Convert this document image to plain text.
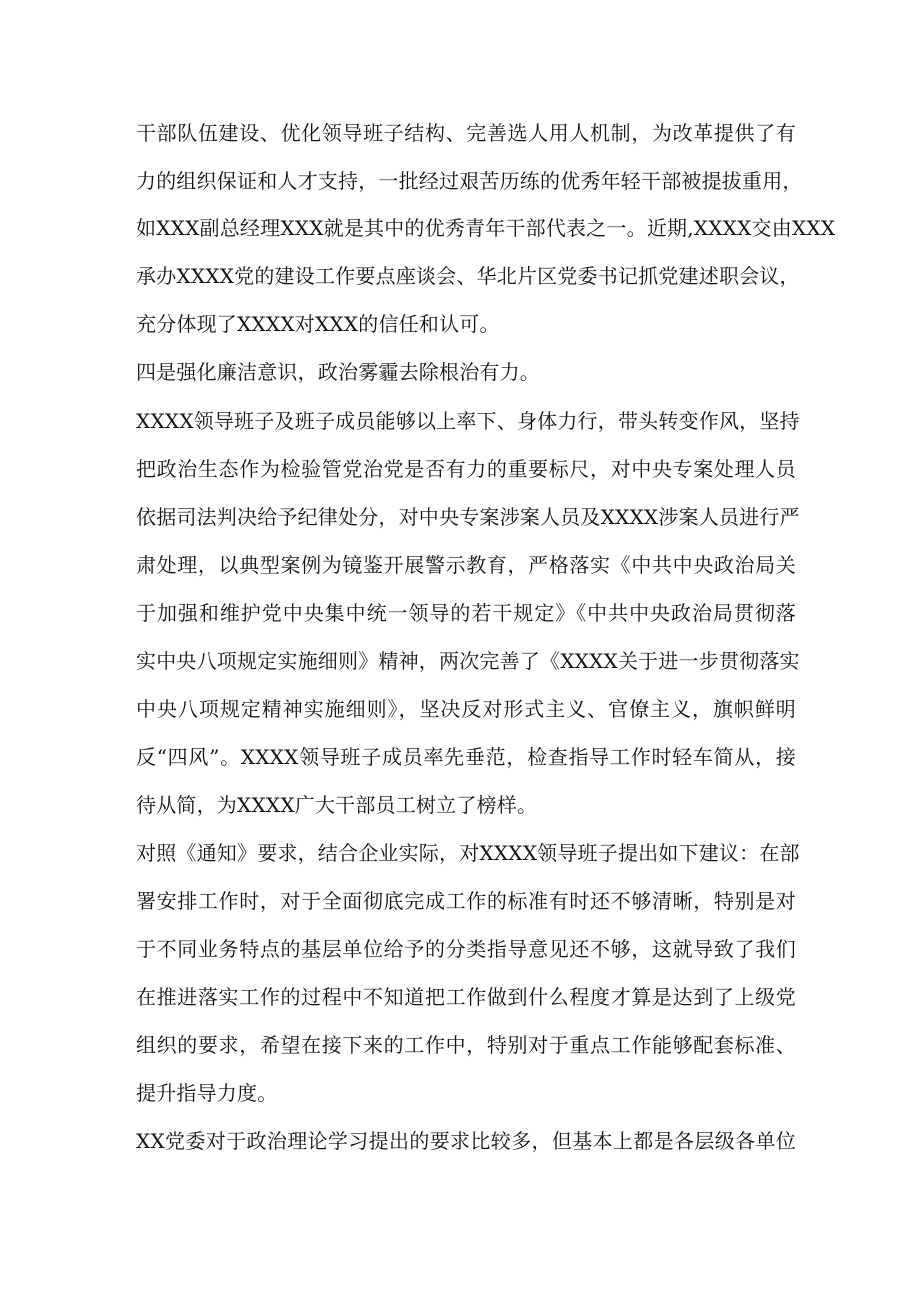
干部队伍建设、优化领导班子结构、完善选人用人机制，为改革提供了有
力的组织保证和人才支持，一批经过艰苦历练的优秀年轻干部被提拔重用，
如XXX副总经理XXX就是其中的优秀青年干部代表之一。近期,XXXX交由XXX
承办XXXX党的建设工作要点座谈会、华北片区党委书记抓党建述职会议，
充分体现了XXXX对XXX的信任和认可。
四是强化廉洁意识，政治雾霾去除根治有力。
XXXX领导班子及班子成员能够以上率下、身体力行，带头转变作风，坚持
把政治生态作为检验管党治党是否有力的重要标尺，对中央专案处理人员
依据司法判决给予纪律处分，对中央专案涉案人员及XXXX涉案人员进行严
肃处理，以典型案例为镜鉴开展警示教育，严格落实《中共中央政治局关
于加强和维护党中央集中统一领导的若干规定》《中共中央政治局贯彻落
实中央八项规定实施细则》精神，两次完善了《XXXX关于进一步贯彻落实
中央八项规定精神实施细则》，坚决反对形式主义、官僚主义，旗帜鲜明
反“四风”。XXXX领导班子成员率先垂范，检查指导工作时轻车简从，接
待从简，为XXXX广大干部员工树立了榜样。
对照《通知》要求，结合企业实际，对XXXX领导班子提出如下建议：在部
署安排工作时，对于全面彻底完成工作的标准有时还不够清晰，特别是对
于不同业务特点的基层单位给予的分类指导意见还不够，这就导致了我们
在推进落实工作的过程中不知道把工作做到什么程度才算是达到了上级党
组织的要求，希望在接下来的工作中，特别对于重点工作能够配套标准、
提升指导力度。
XX党委对于政治理论学习提出的要求比较多，但基本上都是各层级各单位
